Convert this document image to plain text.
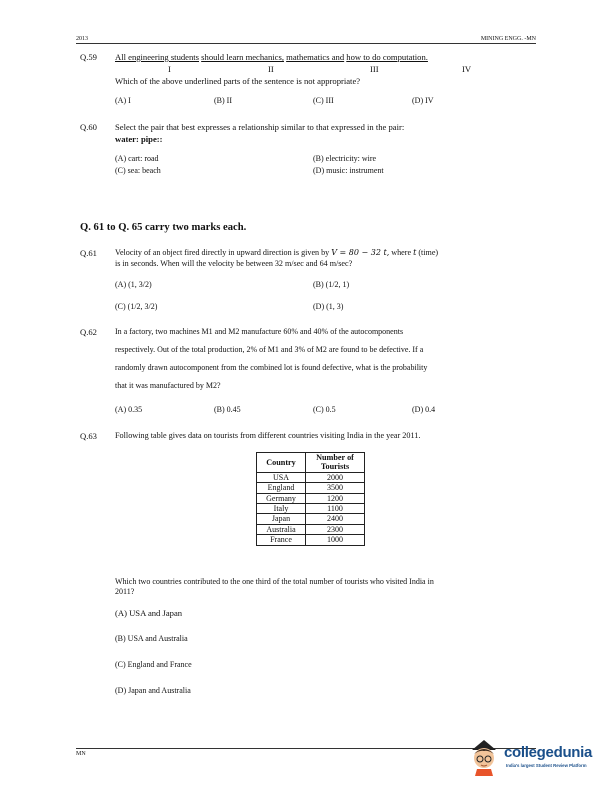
2013	MINING ENGG. -MN
Q.59 All engineering students should learn mechanics, mathematics and how to do computation.
I	II	III	IV
Which of the above underlined parts of the sentence is not appropriate?
(A) I	(B) II	(C) III	(D) IV
Q.60 Select the pair that best expresses a relationship similar to that expressed in the pair:
water: pipe::
(A) cart: road	(B) electricity: wire
(C) sea: beach	(D) music: instrument
Q. 61 to Q. 65 carry two marks each.
Q.61 Velocity of an object fired directly in upward direction is given by V = 80 − 32 t, where t (time)
is in seconds. When will the velocity be between 32 m/sec and 64 m/sec?
(A) (1, 3/2)	(B) (1/2, 1)
(C) (1/2, 3/2)	(D) (1, 3)
Q.62 In a factory, two machines M1 and M2 manufacture 60% and 40% of the autocomponents
respectively. Out of the total production, 2% of M1 and 3% of M2 are found to be defective. If a
randomly drawn autocomponent from the combined lot is found defective, what is the probability
that it was manufactured by M2?
(A) 0.35	(B) 0.45	(C) 0.5	(D) 0.4
Q.63 Following table gives data on tourists from different countries visiting India in the year 2011.
Country	Number of Tourists
USA	2000
England	3500
Germany	1200
Italy	1100
Japan	2400
Australia	2300
France	1000
Which two countries contributed to the one third of the total number of tourists who visited India in
2011?
(A) USA and Japan
(B) USA and Australia
(C) England and France
(D) Japan and Australia
MN	collegedunia
India's largest Student Review Platform
